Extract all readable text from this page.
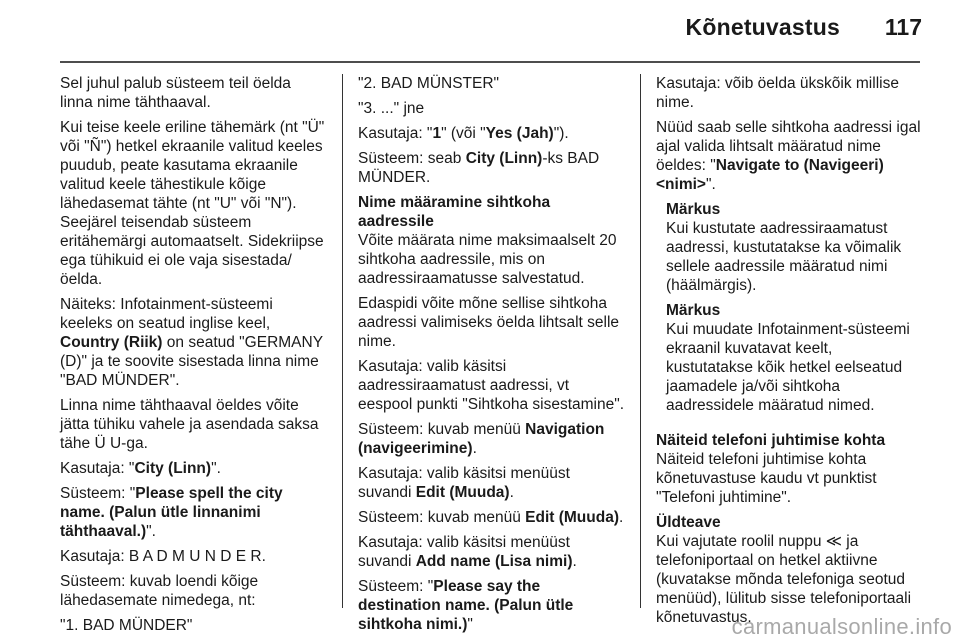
Kõnetuvastus 117

Sel juhul palub süsteem teil öelda linna nime tähthaaval.

Kui teise keele eriline tähemärk (nt "Ü" või "Ñ") hetkel ekraanile valitud keeles puudub, peate kasutama ekraanile valitud keele tähestikule kõige lähedasemat tähte (nt "U" või "N"). Seejärel teisendab süsteem eritähemärgi automaatselt. Sidekriipse ega tühikuid ei ole vaja sisestada/öelda.

Näiteks: Infotainment-süsteemi keeleks on seatud inglise keel,
Country (Riik) on seatud "GERMANY (D)" ja te soovite sisestada linna nime "BAD MÜNDER".

Linna nime tähthaaval öeldes võite jätta tühiku vahele ja asendada saksa tähe Ü U-ga.

Kasutaja: "City (Linn)".

Süsteem: "Please spell the city name. (Palun ütle linnanimi tähthaaval.)".

Kasutaja: B A D M U N D E R.

Süsteem: kuvab loendi kõige lähedasemate nimedega, nt:

"1. BAD MÜNDER"

"2. BAD MÜNSTER"

"3. ..." jne

Kasutaja: "1" (või "Yes (Jah)").

Süsteem: seab City (Linn)-ks BAD MÜNDER.

Nime määramine sihtkoha aadressile
Võite määrata nime maksimaalselt 20 sihtkoha aadressile, mis on aadressiraamatusse salvestatud.

Edaspidi võite mõne sellise sihtkoha aadressi valimiseks öelda lihtsalt selle nime.

Kasutaja: valib käsitsi aadressiraamatust aadressi, vt eespool punkti "Sihtkoha sisestamine".

Süsteem: kuvab menüü Navigation (navigeerimine).

Kasutaja: valib käsitsi menüüst suvandi Edit (Muuda).

Süsteem: kuvab menüü Edit (Muuda).

Kasutaja: valib käsitsi menüüst suvandi Add name (Lisa nimi).

Süsteem: "Please say the destination name. (Palun ütle sihtkoha nimi.)"

Kasutaja: võib öelda ükskõik millise nime.

Nüüd saab selle sihtkoha aadressi igal ajal valida lihtsalt määratud nime öeldes: "Navigate to (Navigeeri) <nimi>".

Märkus
Kui kustutate aadressiraamatust aadressi, kustutatakse ka võimalik sellele aadressile määratud nimi (häälmärgis).
Märkus
Kui muudate Infotainment-süsteemi ekraanil kuvatavat keelt, kustutatakse kõik hetkel eelseatud jaamadele ja/või sihtkoha aadressidele määratud nimed.

Näiteid telefoni juhtimise kohta
Näiteid telefoni juhtimise kohta kõnetuvastuse kaudu vt punktist "Telefoni juhtimine".

Üldteave
Kui vajutate roolil nuppu ≪ ja telefoniportaal on hetkel aktiivne (kuvatakse mõnda telefoniga seotud menüüd), lülitub sisse telefoniportaali kõnetuvastus.

carmanualsonline.info
